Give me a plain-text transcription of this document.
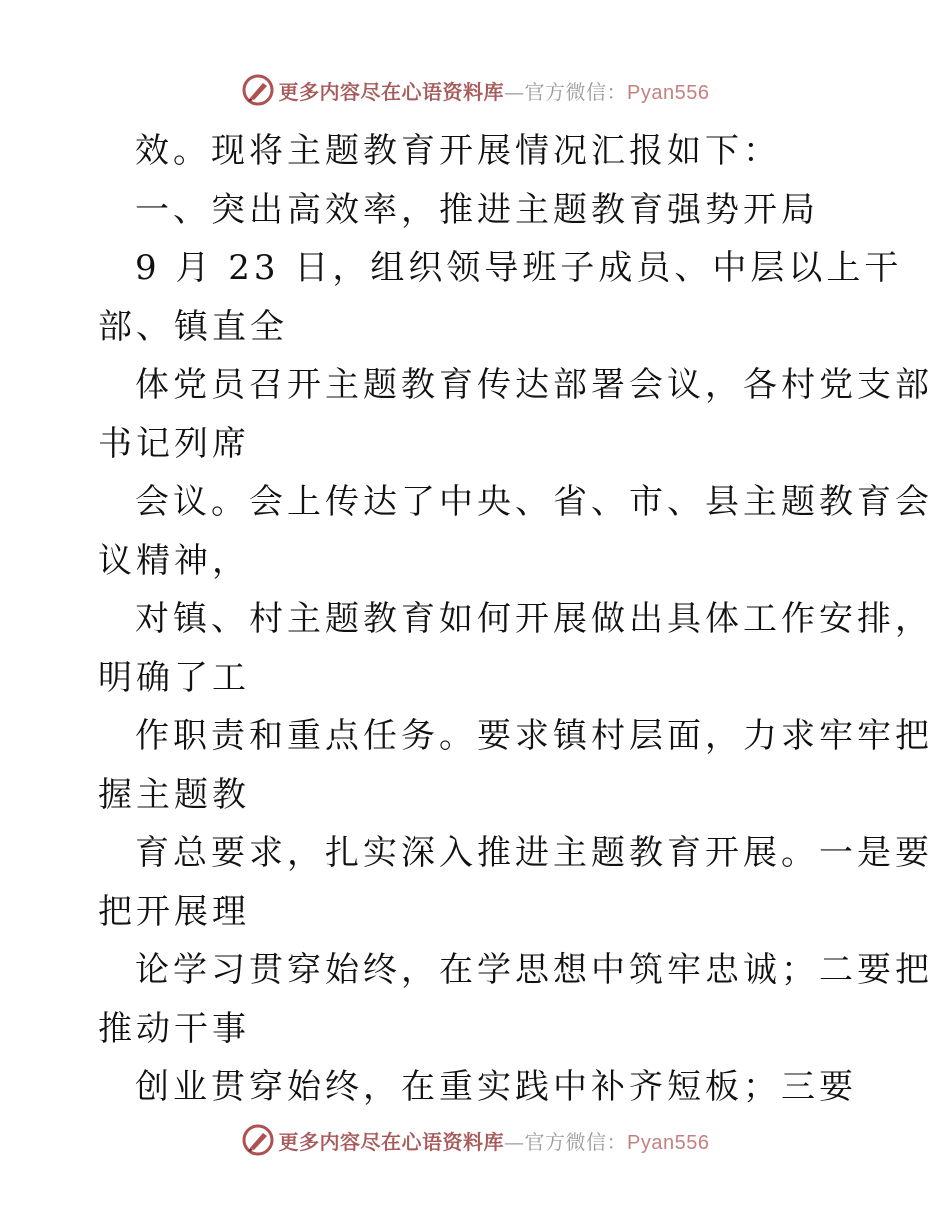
更多内容尽在心语资料库—官方微信：Pyan556
效。现将主题教育开展情况汇报如下：
一、突出高效率，推进主题教育强势开局
9 月 23 日，组织领导班子成员、中层以上干
部、镇直全
体党员召开主题教育传达部署会议，各村党支部
书记列席
会议。会上传达了中央、省、市、县主题教育会
议精神，
对镇、村主题教育如何开展做出具体工作安排，
明确了工
作职责和重点任务。要求镇村层面，力求牢牢把
握主题教
育总要求，扎实深入推进主题教育开展。一是要
把开展理
论学习贯穿始终，在学思想中筑牢忠诚；二要把
推动干事
创业贯穿始终，在重实践中补齐短板；三要
更多内容尽在心语资料库—官方微信：Pyan556
